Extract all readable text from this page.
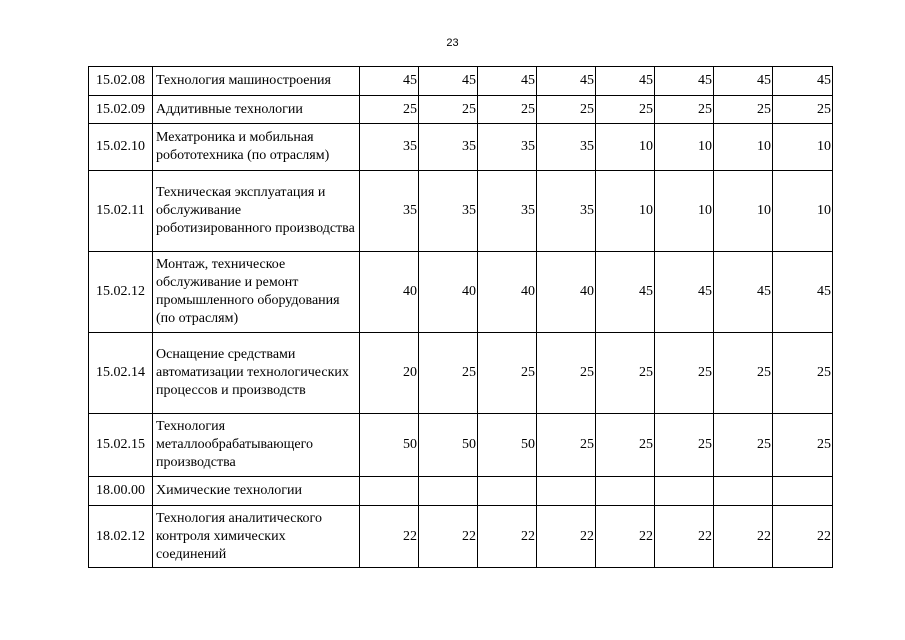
23
15.02.08	Технология машиностроения	45	45	45	45	45	45	45	45
15.02.09	Аддитивные технологии	25	25	25	25	25	25	25	25
15.02.10	Мехатроника и мобильная робототехника (по отраслям)	35	35	35	35	10	10	10	10
15.02.11	Техническая эксплуатация и обслуживание роботизированного производства	35	35	35	35	10	10	10	10
15.02.12	Монтаж, техническое обслуживание и ремонт промышленного оборудования (по отраслям)	40	40	40	40	45	45	45	45
15.02.14	Оснащение средствами автоматизации технологических процессов и производств	20	25	25	25	25	25	25	25
15.02.15	Технология металлообрабатывающего производства	50	50	50	25	25	25	25	25
18.00.00	Химические технологии								
18.02.12	Технология аналитического контроля химических соединений	22	22	22	22	22	22	22	22
